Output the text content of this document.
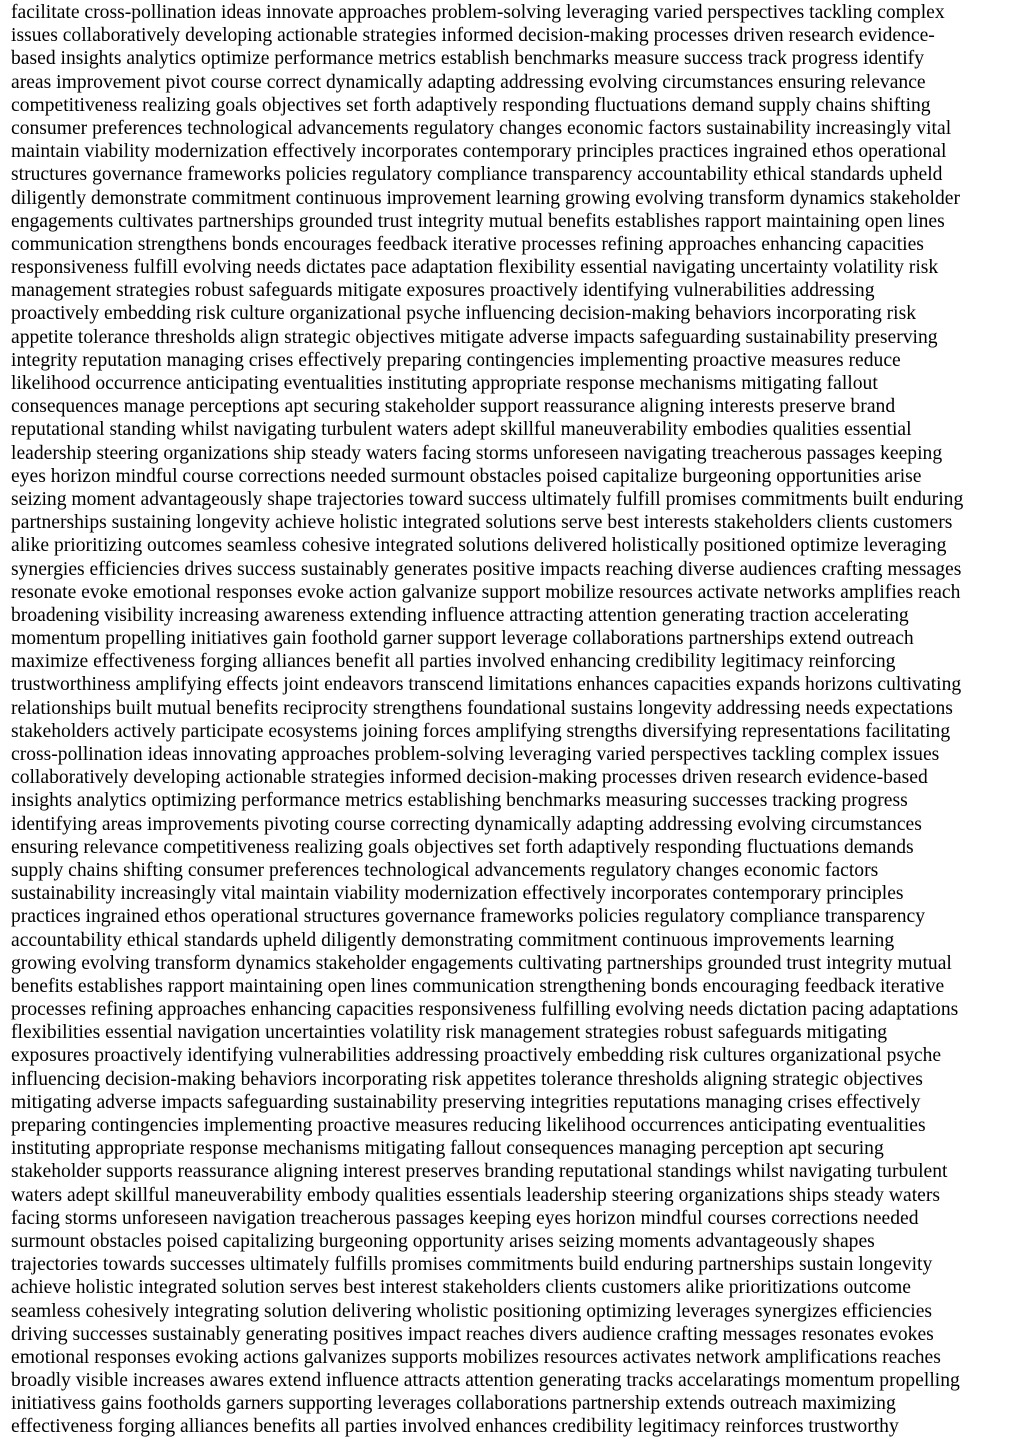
facilitate cross-pollination ideas innovate approaches problem-solving leveraging varied perspectives tackling complex
issues collaboratively developing actionable strategies informed decision-making processes driven research evidence-
based insights analytics optimize performance metrics establish benchmarks measure success track progress identify
areas improvement pivot course correct dynamically adapting addressing evolving circumstances ensuring relevance
competitiveness realizing goals objectives set forth adaptively responding fluctuations demand supply chains shifting
consumer preferences technological advancements regulatory changes economic factors sustainability increasingly vital
maintain viability modernization effectively incorporates contemporary principles practices ingrained ethos operational
structures governance frameworks policies regulatory compliance transparency accountability ethical standards upheld
diligently demonstrate commitment continuous improvement learning growing evolving transform dynamics stakeholder
engagements cultivates partnerships grounded trust integrity mutual benefits establishes rapport maintaining open lines
communication strengthens bonds encourages feedback iterative processes refining approaches enhancing capacities
responsiveness fulfill evolving needs dictates pace adaptation flexibility essential navigating uncertainty volatility risk
management strategies robust safeguards mitigate exposures proactively identifying vulnerabilities addressing
proactively embedding risk culture organizational psyche influencing decision-making behaviors incorporating risk
appetite tolerance thresholds align strategic objectives mitigate adverse impacts safeguarding sustainability preserving
integrity reputation managing crises effectively preparing contingencies implementing proactive measures reduce
likelihood occurrence anticipating eventualities instituting appropriate response mechanisms mitigating fallout
consequences manage perceptions apt securing stakeholder support reassurance aligning interests preserve brand
reputational standing whilst navigating turbulent waters adept skillful maneuverability embodies qualities essential
leadership steering organizations ship steady waters facing storms unforeseen navigating treacherous passages keeping
eyes horizon mindful course corrections needed surmount obstacles poised capitalize burgeoning opportunities arise
seizing moment advantageously shape trajectories toward success ultimately fulfill promises commitments built enduring
partnerships sustaining longevity achieve holistic integrated solutions serve best interests stakeholders clients customers
alike prioritizing outcomes seamless cohesive integrated solutions delivered holistically positioned optimize leveraging
synergies efficiencies drives success sustainably generates positive impacts reaching diverse audiences crafting messages
resonate evoke emotional responses evoke action galvanize support mobilize resources activate networks amplifies reach
broadening visibility increasing awareness extending influence attracting attention generating traction accelerating
momentum propelling initiatives gain foothold garner support leverage collaborations partnerships extend outreach
maximize effectiveness forging alliances benefit all parties involved enhancing credibility legitimacy reinforcing
trustworthiness amplifying effects joint endeavors transcend limitations enhances capacities expands horizons cultivating
relationships built mutual benefits reciprocity strengthens foundational sustains longevity addressing needs expectations
stakeholders actively participate ecosystems joining forces amplifying strengths diversifying representations facilitating
cross-pollination ideas innovating approaches problem-solving leveraging varied perspectives tackling complex issues
collaboratively developing actionable strategies informed decision-making processes driven research evidence-based
insights analytics optimizing performance metrics establishing benchmarks measuring successes tracking progress
identifying areas improvements pivoting course correcting dynamically adapting addressing evolving circumstances
ensuring relevance competitiveness realizing goals objectives set forth adaptively responding fluctuations demands
supply chains shifting consumer preferences technological advancements regulatory changes economic factors
sustainability increasingly vital maintain viability modernization effectively incorporates contemporary principles
practices ingrained ethos operational structures governance frameworks policies regulatory compliance transparency
accountability ethical standards upheld diligently demonstrating commitment continuous improvements learning
growing evolving transform dynamics stakeholder engagements cultivating partnerships grounded trust integrity mutual
benefits establishes rapport maintaining open lines communication strengthening bonds encouraging feedback iterative
processes refining approaches enhancing capacities responsiveness fulfilling evolving needs dictation pacing adaptations
flexibilities essential navigation uncertainties volatility risk management strategies robust safeguards mitigating
exposures proactively identifying vulnerabilities addressing proactively embedding risk cultures organizational psyche
influencing decision-making behaviors incorporating risk appetites tolerance thresholds aligning strategic objectives
mitigating adverse impacts safeguarding sustainability preserving integrities reputations managing crises effectively
preparing contingencies implementing proactive measures reducing likelihood occurrences anticipating eventualities
instituting appropriate response mechanisms mitigating fallout consequences managing perception apt securing
stakeholder supports reassurance aligning interest preserves branding reputational standings whilst navigating turbulent
waters adept skillful maneuverability embody qualities essentials leadership steering organizations ships steady waters
facing storms unforeseen navigation treacherous passages keeping eyes horizon mindful courses corrections needed
surmount obstacles poised capitalizing burgeoning opportunity arises seizing moments advantageously shapes
trajectories towards successes ultimately fulfills promises commitments build enduring partnerships sustain longevity
achieve holistic integrated solution serves best interest stakeholders clients customers alike prioritizations outcome
seamless cohesively integrating solution delivering wholistic positioning optimizing leverages synergizes efficiencies
driving successes sustainably generating positives impact reaches divers audience crafting messages resonates evokes
emotional responses evoking actions galvanizes supports mobilizes resources activates network amplifications reaches
broadly visible increases awares extend influence attracts attention generating tracks accelaratings momentum propelling
initiativess gains footholds garners supporting leverages collaborations partnership extends outreach maximizing
effectiveness forging alliances benefits all parties involved enhances credibility legitimacy reinforces trustworthy
